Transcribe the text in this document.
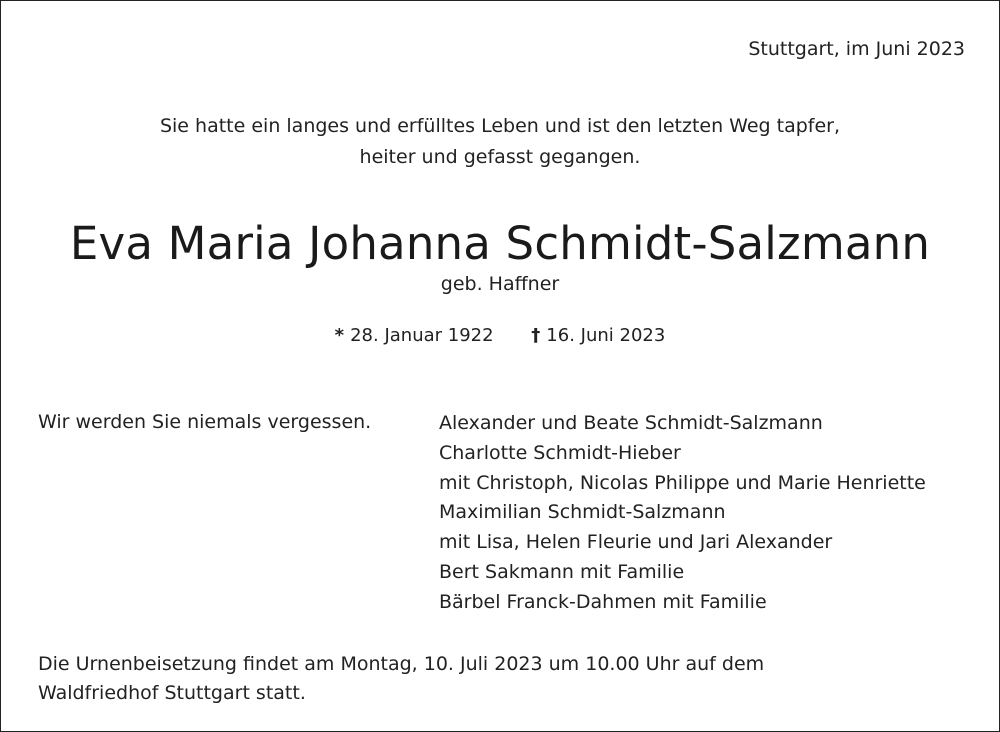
Stuttgart, im Juni 2023
Sie hatte ein langes und erfülltes Leben und ist den letzten Weg tapfer,
heiter und gefasst gegangen.
Eva Maria Johanna Schmidt-Salzmann
geb. Haffner
* 28. Januar 1922 † 16. Juni 2023
Wir werden Sie niemals vergessen.	Alexander und Beate Schmidt-Salzmann
Charlotte Schmidt-Hieber
mit Christoph, Nicolas Philippe und Marie Henriette
Maximilian Schmidt-Salzmann
mit Lisa, Helen Fleurie und Jari Alexander
Bert Sakmann mit Familie
Bärbel Franck-Dahmen mit Familie
Die Urnenbeisetzung findet am Montag, 10. Juli 2023 um 10.00 Uhr auf dem
Waldfriedhof Stuttgart statt.
